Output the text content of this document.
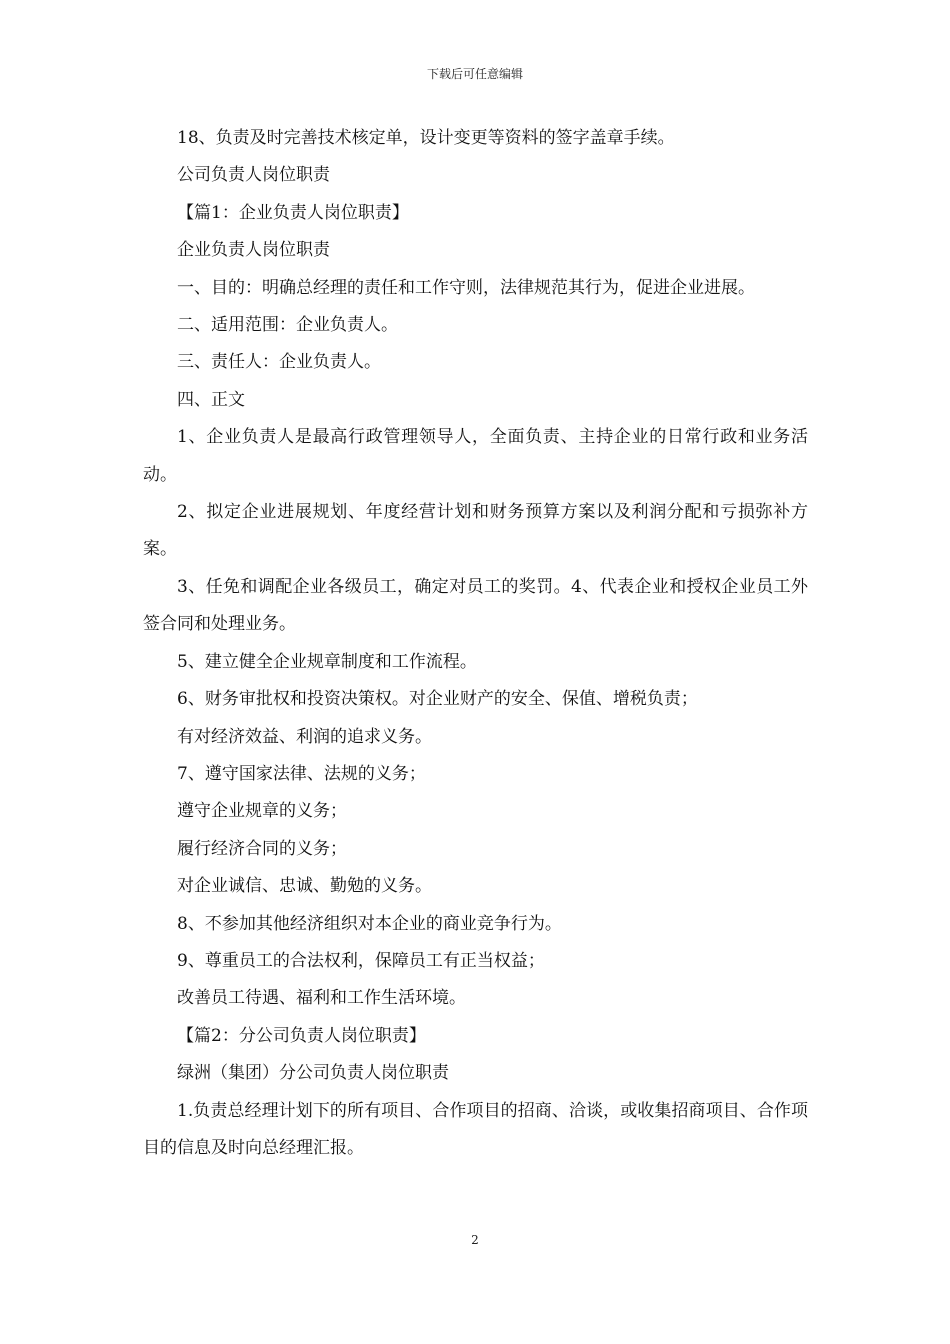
下载后可任意编辑

18、负责及时完善技术核定单，设计变更等资料的签字盖章手续。

公司负责人岗位职责

【篇1：企业负责人岗位职责】

企业负责人岗位职责

一、目的：明确总经理的责任和工作守则，法律规范其行为，促进企业进展。

二、适用范围：企业负责人。

三、责任人：企业负责人。

四、正文

1、企业负责人是最高行政管理领导人，全面负责、主持企业的日常行政和业务活动。

2、拟定企业进展规划、年度经营计划和财务预算方案以及利润分配和亏损弥补方案。

3、任免和调配企业各级员工，确定对员工的奖罚。4、代表企业和授权企业员工外签合同和处理业务。

5、建立健全企业规章制度和工作流程。

6、财务审批权和投资决策权。对企业财产的安全、保值、增税负责；

有对经济效益、利润的追求义务。

7、遵守国家法律、法规的义务；

遵守企业规章的义务；

履行经济合同的义务；

对企业诚信、忠诚、勤勉的义务。

8、不参加其他经济组织对本企业的商业竞争行为。

9、尊重员工的合法权利，保障员工有正当权益；

改善员工待遇、福利和工作生活环境。

【篇2：分公司负责人岗位职责】

绿洲（集团）分公司负责人岗位职责

1.负责总经理计划下的所有项目、合作项目的招商、洽谈，或收集招商项目、合作项目的信息及时向总经理汇报。

2
